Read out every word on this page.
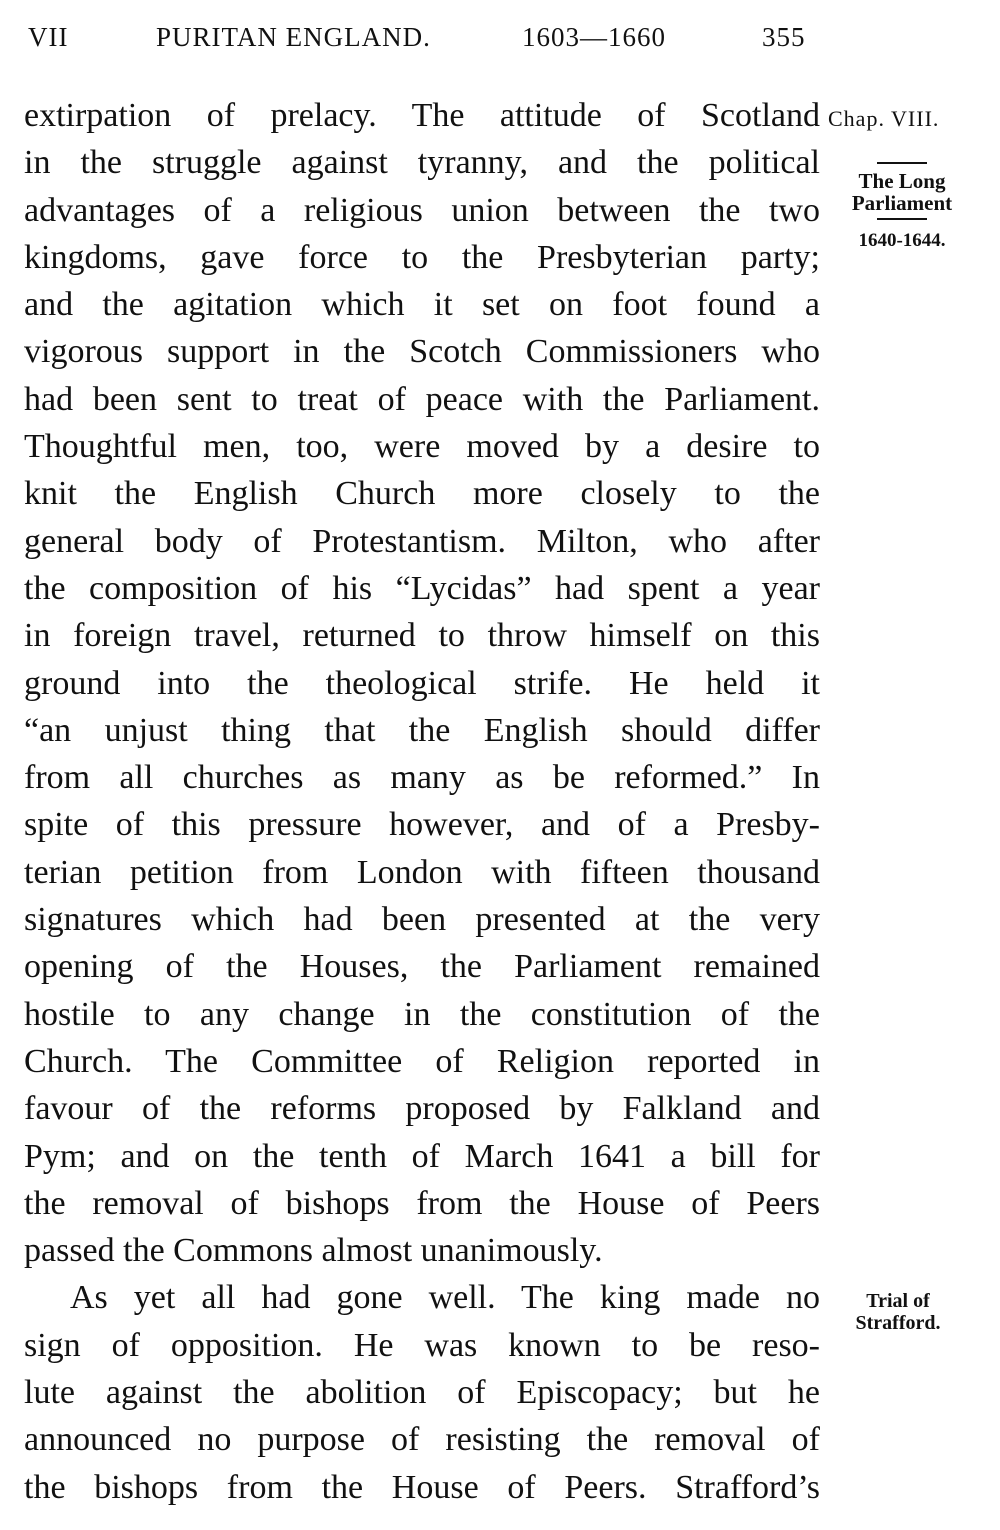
VII	PURITAN ENGLAND.	1603—1660	355
Chap. VIII.
The Long
Parliament
1640-1644.
Trial of
Strafford.
extirpation of prelacy. The attitude of Scotland
in the struggle against tyranny, and the political
advantages of a religious union between the two
kingdoms, gave force to the Presbyterian party;
and the agitation which it set on foot found a
vigorous support in the Scotch Commissioners who
had been sent to treat of peace with the Parliament.
Thoughtful men, too, were moved by a desire to
knit the English Church more closely to the
general body of Protestantism. Milton, who after
the composition of his “Lycidas” had spent a year
in foreign travel, returned to throw himself on this
ground into the theological strife. He held it
“an unjust thing that the English should differ
from all churches as many as be reformed.” In
spite of this pressure however, and of a Presby-
terian petition from London with fifteen thousand
signatures which had been presented at the very
opening of the Houses, the Parliament remained
hostile to any change in the constitution of the
Church. The Committee of Religion reported in
favour of the reforms proposed by Falkland and
Pym; and on the tenth of March 1641 a bill for
the removal of bishops from the House of Peers
passed the Commons almost unanimously.
As yet all had gone well. The king made no
sign of opposition. He was known to be reso-
lute against the abolition of Episcopacy; but he
announced no purpose of resisting the removal of
the bishops from the House of Peers. Strafford’s
